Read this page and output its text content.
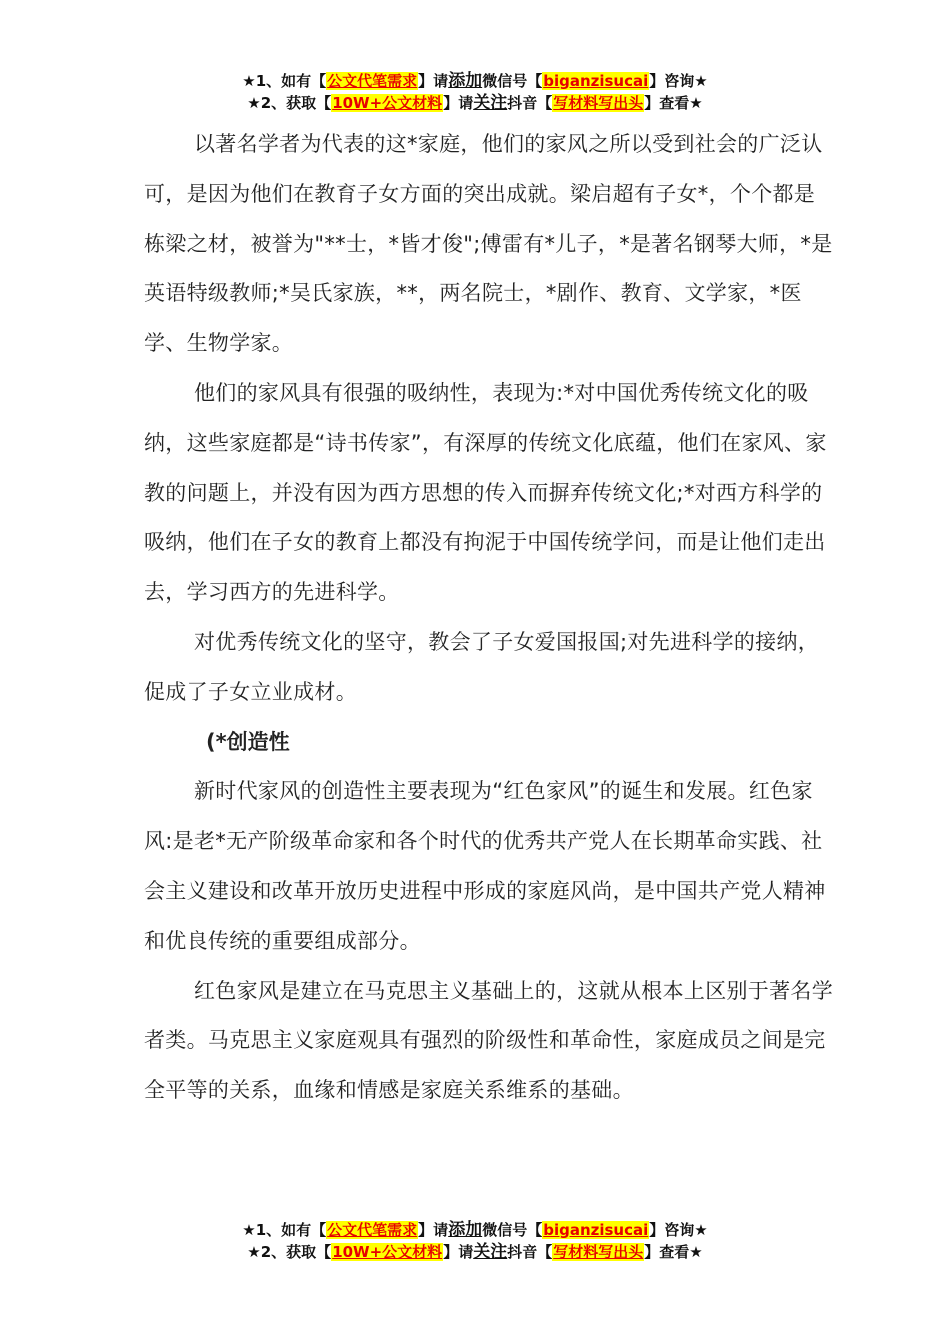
★1、如有【公文代笔需求】请添加微信号【biganzisucai】咨询★
★2、获取【10W+公文材料】请关注抖音【写材料写出头】查看★

以著名学者为代表的这*家庭，他们的家风之所以受到社会的广泛认可，是因为他们在教育子女方面的突出成就。梁启超有子女*，个个都是栋梁之材，被誉为"**士，*皆才俊";傅雷有*儿子，*是著名钢琴大师，*是英语特级教师;*吴氏家族，**，两名院士，*剧作、教育、文学家，*医学、生物学家。

他们的家风具有很强的吸纳性，表现为:*对中国优秀传统文化的吸纳，这些家庭都是“诗书传家”，有深厚的传统文化底蕴，他们在家风、家教的问题上，并没有因为西方思想的传入而摒弃传统文化;*对西方科学的吸纳，他们在子女的教育上都没有拘泥于中国传统学问，而是让他们走出去，学习西方的先进科学。

对优秀传统文化的坚守，教会了子女爱国报国;对先进科学的接纳，促成了子女立业成材。

(*创造性

新时代家风的创造性主要表现为“红色家风”的诞生和发展。红色家风:是老*无产阶级革命家和各个时代的优秀共产党人在长期革命实践、社会主义建设和改革开放历史进程中形成的家庭风尚，是中国共产党人精神和优良传统的重要组成部分。

红色家风是建立在马克思主义基础上的，这就从根本上区别于著名学者类。马克思主义家庭观具有强烈的阶级性和革命性，家庭成员之间是完全平等的关系，血缘和情感是家庭关系维系的基础。

★1、如有【公文代笔需求】请添加微信号【biganzisucai】咨询★
★2、获取【10W+公文材料】请关注抖音【写材料写出头】查看★
